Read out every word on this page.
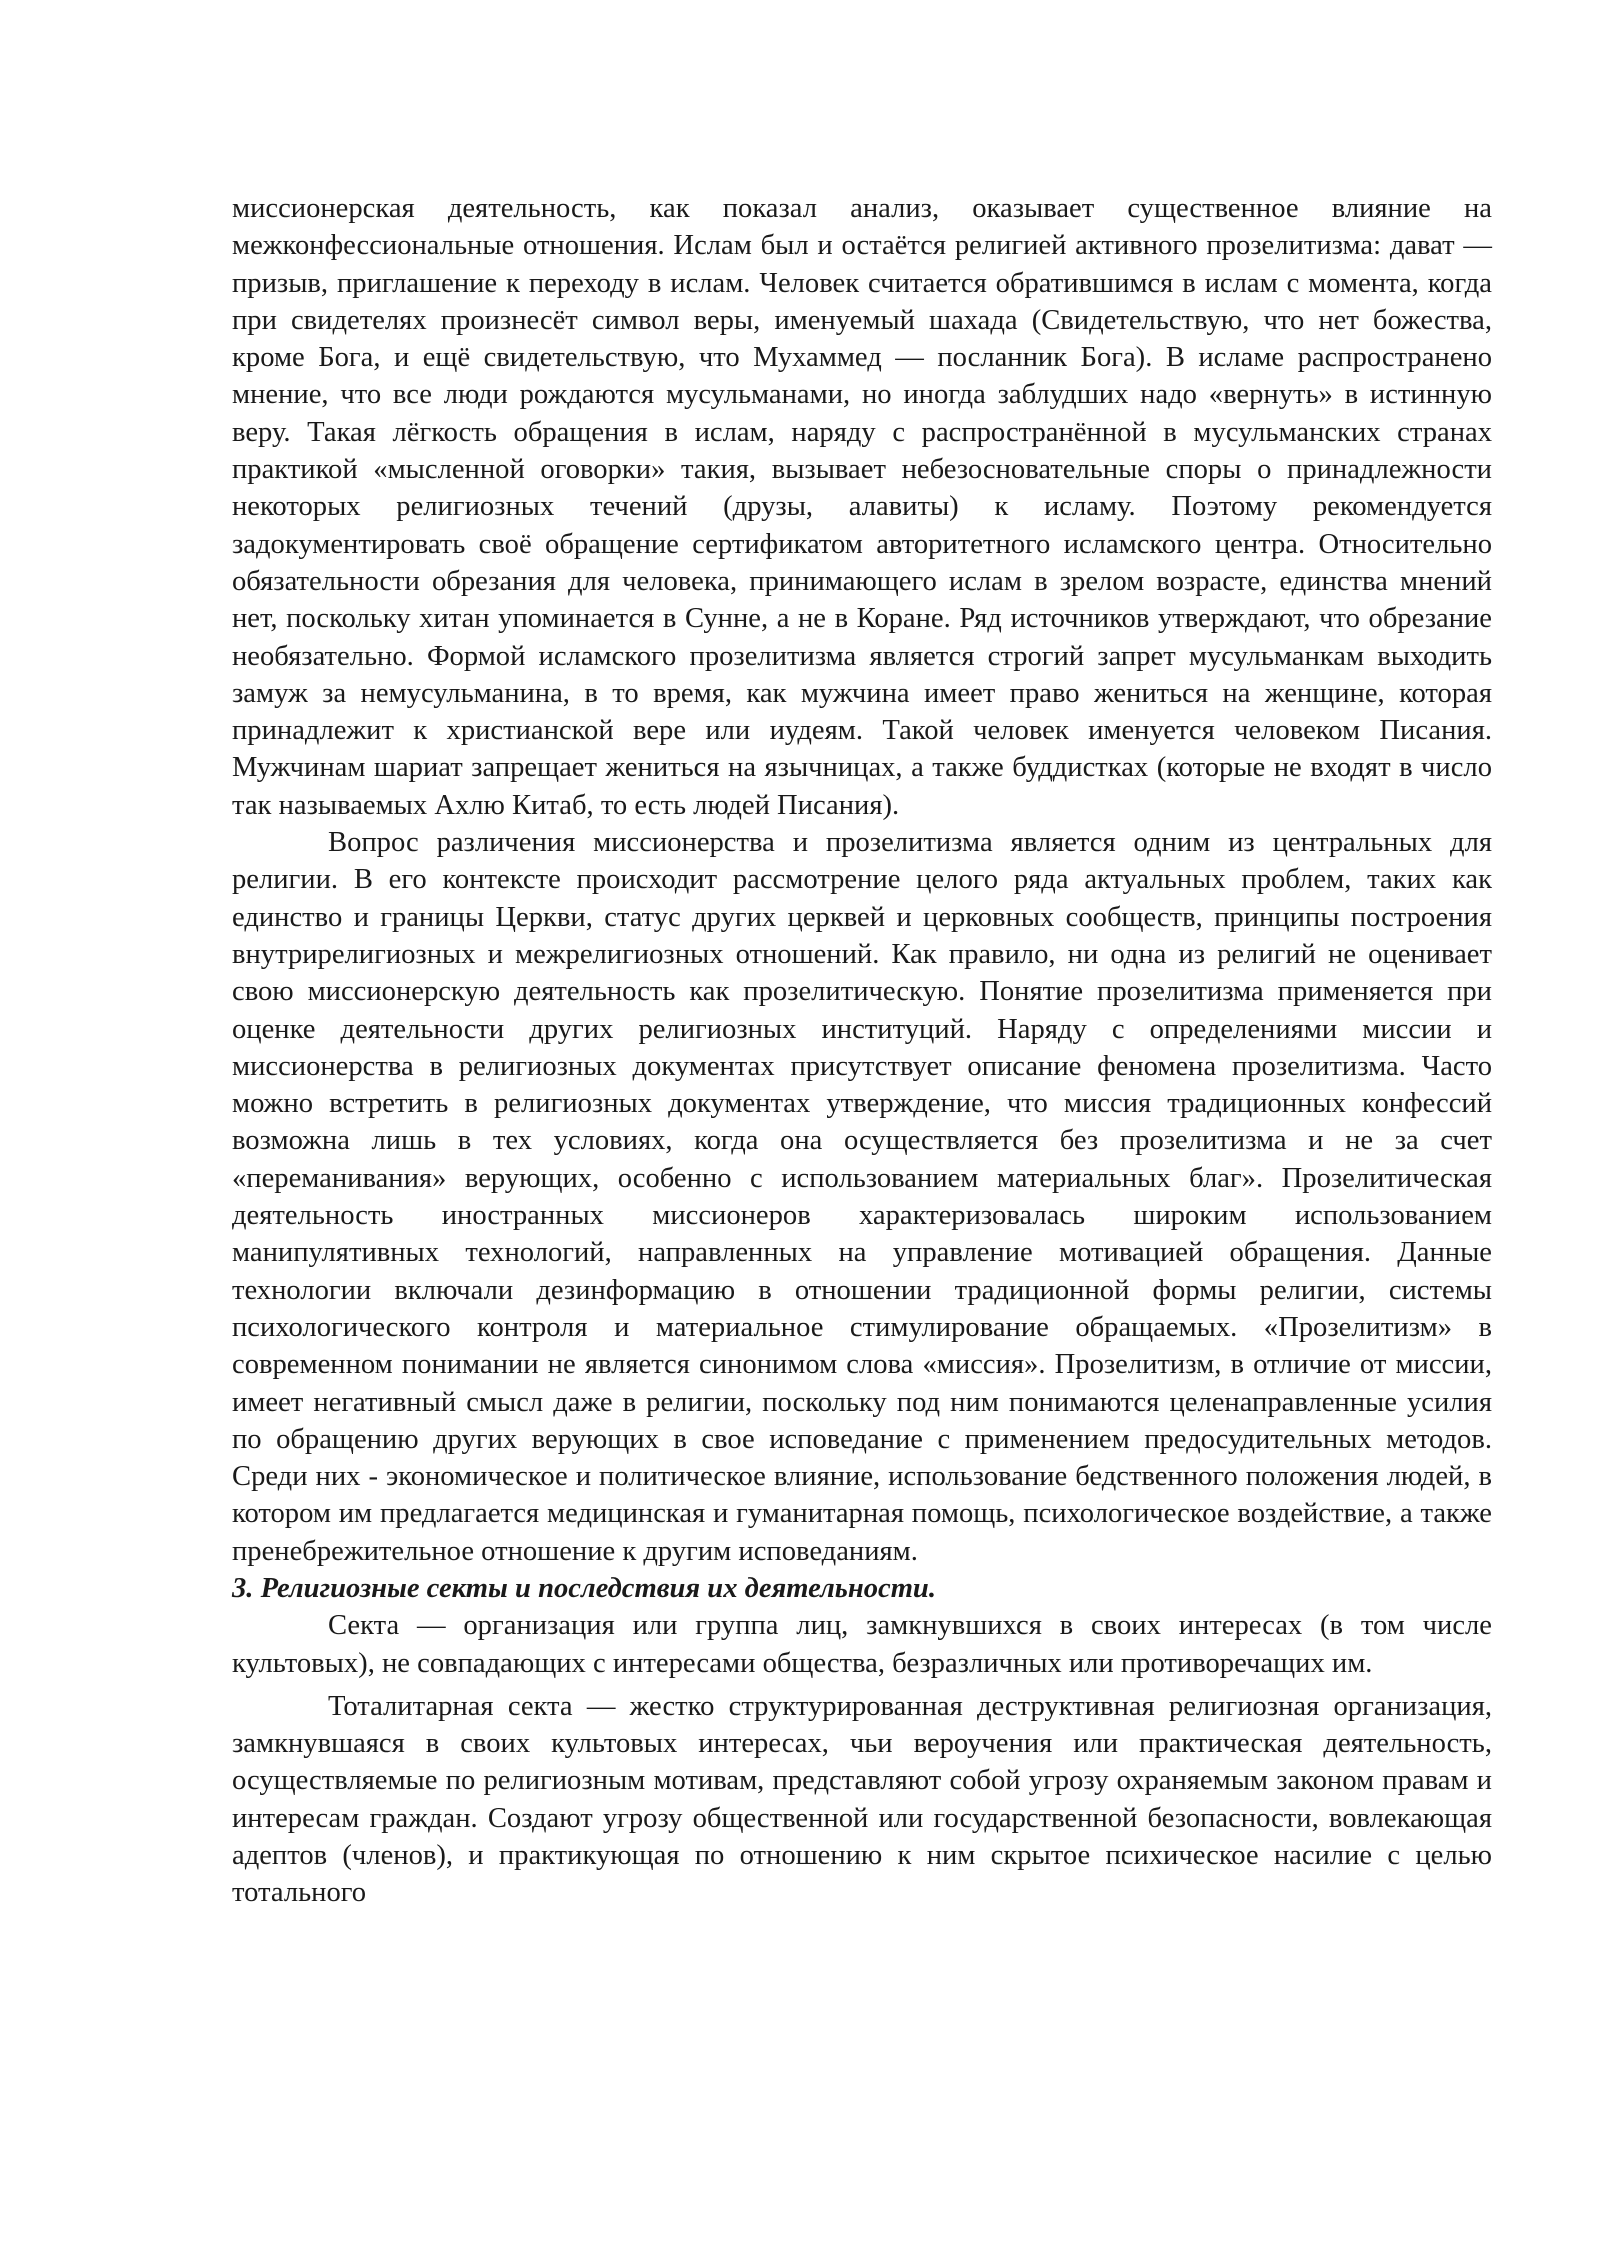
миссионерская деятельность, как показал анализ, оказывает существенное влияние на межконфессиональные отношения. Ислам был и остаётся религией активного прозелитизма: дават — призыв, приглашение к переходу в ислам. Человек считается обратившимся в ислам с момента, когда при свидетелях произнесёт символ веры, именуемый шахада (Свидетельствую, что нет божества, кроме Бога, и ещё свидетельствую, что Мухаммед — посланник Бога). В исламе распространено мнение, что все люди рождаются мусульманами, но иногда заблудших надо «вернуть» в истинную веру. Такая лёгкость обращения в ислам, наряду с распространённой в мусульманских странах практикой «мысленной оговорки» такия, вызывает небезосновательные споры о принадлежности некоторых религиозных течений (друзы, алавиты) к исламу. Поэтому рекомендуется задокументировать своё обращение сертификатом авторитетного исламского центра. Относительно обязательности обрезания для человека, принимающего ислам в зрелом возрасте, единства мнений нет, поскольку хитан упоминается в Сунне, а не в Коране. Ряд источников утверждают, что обрезание необязательно. Формой исламского прозелитизма является строгий запрет мусульманкам выходить замуж за немусульманина, в то время, как мужчина имеет право жениться на женщине, которая принадлежит к христианской вере или иудеям. Такой человек именуется человеком Писания. Мужчинам шариат запрещает жениться на язычницах, а также буддистках (которые не входят в число так называемых Ахлю Китаб, то есть людей Писания).

Вопрос различения миссионерства и прозелитизма является одним из центральных для религии. В его контексте происходит рассмотрение целого ряда актуальных проблем, таких как единство и границы Церкви, статус других церквей и церковных сообществ, принципы построения внутрирелигиозных и межрелигиозных отношений. Как правило, ни одна из религий не оценивает свою миссионерскую деятельность как прозелитическую. Понятие прозелитизма применяется при оценке деятельности других религиозных институций. Наряду с определениями миссии и миссионерства в религиозных документах присутствует описание феномена прозелитизма. Часто можно встретить в религиозных документах утверждение, что миссия традиционных конфессий возможна лишь в тех условиях, когда она осуществляется без прозелитизма и не за счет «переманивания» верующих, особенно с использованием материальных благ». Прозелитическая деятельность иностранных миссионеров характеризовалась широким использованием манипулятивных технологий, направленных на управление мотивацией обращения. Данные технологии включали дезинформацию в отношении традиционной формы религии, системы психологического контроля и материальное стимулирование обращаемых. «Прозелитизм» в современном понимании не является синонимом слова «миссия». Прозелитизм, в отличие от миссии, имеет негативный смысл даже в религии, поскольку под ним понимаются целенаправленные усилия по обращению других верующих в свое исповедание с применением предосудительных методов. Среди них - экономическое и политическое влияние, использование бедственного положения людей, в котором им предлагается медицинская и гуманитарная помощь, психологическое воздействие, а также пренебрежительное отношение к другим исповеданиям.

3. Религиозные секты и последствия их деятельности.

Секта — организация или группа лиц, замкнувшихся в своих интересах (в том числе культовых), не совпадающих с интересами общества, безразличных или противоречащих им.

Тоталитарная секта — жестко структурированная деструктивная религиозная организация, замкнувшаяся в своих культовых интересах, чьи вероучения или практическая деятельность, осуществляемые по религиозным мотивам, представляют собой угрозу охраняемым законом правам и интересам граждан. Создают угрозу общественной или государственной безопасности, вовлекающая адептов (членов), и практикующая по отношению к ним скрытое психическое насилие с целью тотального
